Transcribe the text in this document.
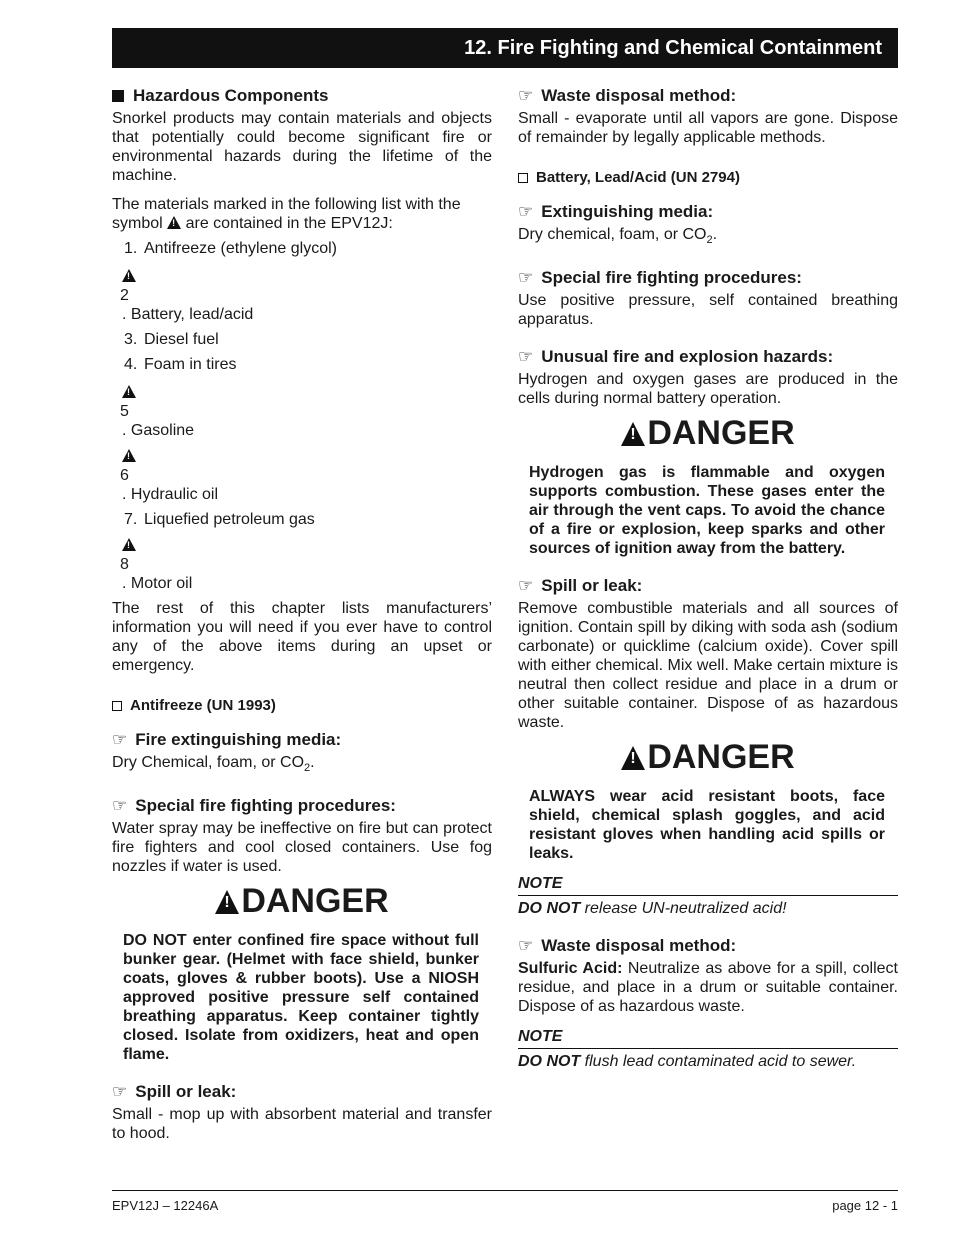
12. Fire Fighting and Chemical Containment
Hazardous Components

Snorkel products may contain materials and objects that potentially could become significant fire or environmental hazards during the lifetime of the machine.

The materials marked in the following list with the symbol ! are contained in the EPV12J:

1. Antifreeze (ethylene glycol)
!
2
. Battery, lead/acid
3. Diesel fuel
4. Foam in tires
!
5
. Gasoline
!
6
. Hydraulic oil
7. Liquefied petroleum gas
!
8
. Motor oil

The rest of this chapter lists manufacturers’ information you will need if you ever have to control any of the above items during an upset or emergency.

Antifreeze (UN 1993)
☞ Fire extinguishing media:

Dry Chemical, foam, or $CO_2$.

☞ Special fire fighting procedures:

Water spray may be ineffective on fire but can protect fire fighters and cool closed containers. Use fog nozzles if water is used.

!
DANGER

DO NOT enter confined fire space without full bunker gear. (Helmet with face shield, bunker coats, gloves & rubber boots). Use a NIOSH approved positive pressure self contained breathing apparatus. Keep container tightly closed. Isolate from oxidizers, heat and open flame.

☞ Spill or leak:

Small - mop up with absorbent material and transfer to hood.

☞ Waste disposal method:

Small - evaporate until all vapors are gone. Dispose of remainder by legally applicable methods.

Battery, Lead/Acid (UN 2794)
☞ Extinguishing media:

Dry chemical, foam, or $CO_2$.

☞ Special fire fighting procedures:

Use positive pressure, self contained breathing apparatus.

☞ Unusual fire and explosion hazards:

Hydrogen and oxygen gases are produced in the cells during normal battery operation.

!
DANGER

Hydrogen gas is flammable and oxygen supports combustion. These gases enter the air through the vent caps. To avoid the chance of a fire or explosion, keep sparks and other sources of ignition away from the battery.

☞ Spill or leak:

Remove combustible materials and all sources of ignition. Contain spill by diking with soda ash (sodium carbonate) or quicklime (calcium oxide). Cover spill with either chemical. Mix well. Make certain mixture is neutral then collect residue and place in a drum or other suitable container. Dispose of as hazardous waste.

!
DANGER

ALWAYS wear acid resistant boots, face shield, chemical splash goggles, and acid resistant gloves when handling acid spills or leaks.

NOTE

DO NOT release UN-neutralized acid!

☞ Waste disposal method:

Sulfuric Acid: Neutralize as above for a spill, collect residue, and place in a drum or suitable container. Dispose of as hazardous waste.

NOTE

DO NOT flush lead contaminated acid to sewer.

EPV12J – 12246A	page 12 - 1
